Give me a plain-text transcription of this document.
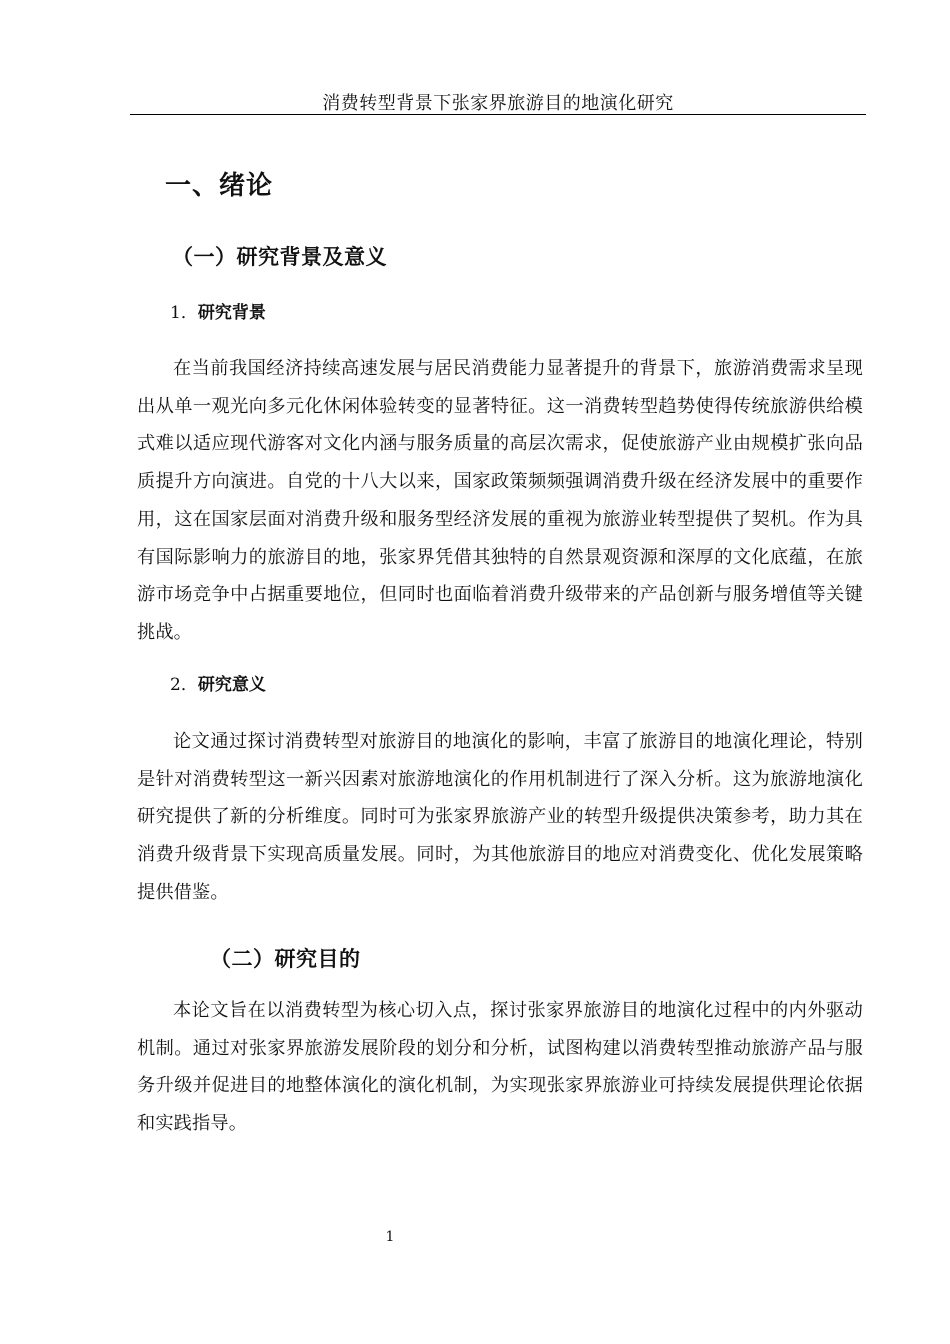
消费转型背景下张家界旅游目的地演化研究
一、绪论
（一）研究背景及意义
1．研究背景

在当前我国经济持续高速发展与居民消费能力显著提升的背景下，旅游消费需求呈现出从单一观光向多元化休闲体验转变的显著特征。这一消费转型趋势使得传统旅游供给模式难以适应现代游客对文化内涵与服务质量的高层次需求，促使旅游产业由规模扩张向品质提升方向演进。自党的十八大以来，国家政策频频强调消费升级在经济发展中的重要作用，这在国家层面对消费升级和服务型经济发展的重视为旅游业转型提供了契机。作为具有国际影响力的旅游目的地，张家界凭借其独特的自然景观资源和深厚的文化底蕴，在旅游市场竞争中占据重要地位，但同时也面临着消费升级带来的产品创新与服务增值等关键挑战。

2．研究意义

论文通过探讨消费转型对旅游目的地演化的影响，丰富了旅游目的地演化理论，特别是针对消费转型这一新兴因素对旅游地演化的作用机制进行了深入分析。这为旅游地演化研究提供了新的分析维度。同时可为张家界旅游产业的转型升级提供决策参考，助力其在消费升级背景下实现高质量发展。同时，为其他旅游目的地应对消费变化、优化发展策略提供借鉴。

（二）研究目的

本论文旨在以消费转型为核心切入点，探讨张家界旅游目的地演化过程中的内外驱动机制。通过对张家界旅游发展阶段的划分和分析，试图构建以消费转型推动旅游产品与服务升级并促进目的地整体演化的演化机制，为实现张家界旅游业可持续发展提供理论依据和实践指导。

1
